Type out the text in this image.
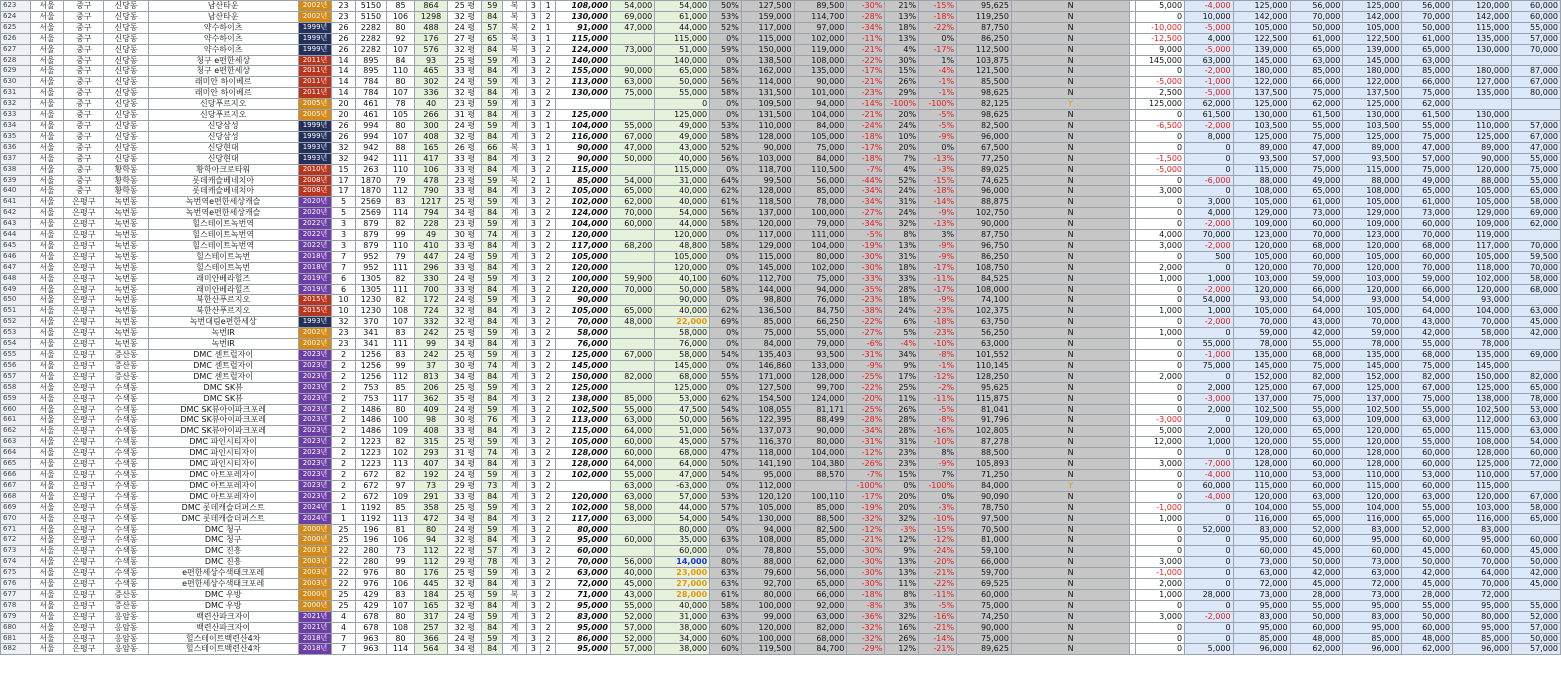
623	서울	중구	신당동	남산타운	2002년	23	5150	85	864	25 평	59	복	3	1	108,000	54,000	54,000	50%	127,500	89,500	-30%	21%	-15%	95,625	N		5,000	-4,000	125,000	56,000	125,000	56,000	120,000	60,000
624	서울	중구	신당동	남산타운	2002년	23	5150	106	1298	32 평	84	복	3	2	130,000	69,000	61,000	53%	159,000	114,700	-28%	13%	-18%	119,250	N		0	10,000	142,000	70,000	142,000	70,000	142,000	60,000
625	서울	중구	신당동	약수하이츠	1999년	26	2282	80	488	24 평	57	복	2	1	91,000	47,000	44,000	52%	117,000	97,000	-34%	18%	-22%	87,750	N		-10,000	-5,000	105,000	50,000	105,000	50,000	115,000	55,000
626	서울	중구	신당동	약수하이츠	1999년	26	2282	92	176	27 평	65	복	3	1	115,000		115,000	0%	115,000	102,000	-11%	13%	0%	86,250	N		-12,500	4,000	122,500	61,000	122,500	61,000	135,000	57,000
627	서울	중구	신당동	약수하이츠	1999년	26	2282	107	576	32 평	84	복	3	2	124,000	73,000	51,000	59%	150,000	119,000	-21%	4%	-17%	112,500	N		9,000	-5,000	139,000	65,000	139,000	65,000	130,000	70,000
628	서울	중구	신당동	청구 e편한세상	2011년	14	895	84	93	25 평	59	계	3	2	140,000		140,000	0%	138,500	108,000	-22%	30%	1%	103,875	N		145,000	63,000	145,000	63,000	145,000	63,000		
629	서울	중구	신당동	청구 e편한세상	2011년	14	895	110	465	33 평	84	계	3	2	155,000	90,000	65,000	58%	162,000	135,000	-17%	15%	-4%	121,500	N		0	-2,000	180,000	85,000	180,000	85,000	180,000	87,000
630	서울	중구	신당동	래미안 하이베르	2011년	14	784	80	302	24 평	59	계	3	2	113,000	63,000	50,000	56%	114,000	90,000	-21%	26%	-1%	85,500	N		-5,000	-1,000	122,000	66,000	122,000	66,000	127,000	67,000
631	서울	중구	신당동	래미안 하이베르	2011년	14	784	107	336	32 평	84	계	3	2	130,000	75,000	55,000	58%	131,500	101,000	-23%	29%	-1%	98,625	N		2,500	-5,000	137,500	75,000	137,500	75,000	135,000	80,000
632	서울	중구	신당동	신당푸르지오	2005년	20	461	78	40	23 평	59	계	3	2			0	0%	109,500	94,000	-14%	-100%	-100%	82,125	Y		125,000	62,000	125,000	62,000	125,000	62,000		
633	서울	중구	신당동	신당푸르지오	2005년	20	461	105	266	31 평	84	계	3	2	125,000		125,000	0%	131,500	104,000	-21%	20%	-5%	98,625	N		0	61,500	130,000	61,500	130,000	61,500	130,000	
634	서울	중구	신당동	신당삼성	1999년	26	994	80	300	24 평	59	계	3	1	104,000	55,000	49,000	53%	110,000	84,000	-24%	24%	-5%	82,500	N		-6,500	-2,000	103,500	55,000	103,500	55,000	110,000	57,000
635	서울	중구	신당동	신당삼성	1999년	26	994	107	408	32 평	84	계	3	2	116,000	67,000	49,000	58%	128,000	105,000	-18%	10%	-9%	96,000	N		0	8,000	125,000	75,000	125,000	75,000	125,000	67,000
636	서울	중구	신당동	신당현대	1993년	32	942	88	165	26 평	66	복	3	1	90,000	47,000	43,000	52%	90,000	75,000	-17%	20%	0%	67,500	N		0	0	89,000	47,000	89,000	47,000	89,000	47,000
637	서울	중구	신당동	신당현대	1993년	32	942	111	417	33 평	84	계	3	2	90,000	50,000	40,000	56%	103,000	84,000	-18%	7%	-13%	77,250	N		-1,500	0	93,500	57,000	93,500	57,000	90,000	55,000
638	서울	중구	황학동	황학아크로타워	2010년	15	263	110	106	33 평	84	계	3	2	115,000		115,000	0%	118,700	110,500	-7%	4%	-3%	89,025	N		-5,000	0	115,000	75,000	115,000	75,000	120,000	75,000
639	서울	중구	황학동	롯데캐슬베네치아	2008년	17	1870	79	478	23 평	59	복	2	1	85,000	54,000	31,000	64%	99,500	56,000	-44%	52%	-15%	74,625	N		0	-6,000	88,000	49,000	88,000	49,000	88,000	55,000
640	서울	중구	황학동	롯데캐슬베네치아	2008년	17	1870	112	790	33 평	84	계	3	2	105,000	65,000	40,000	62%	128,000	85,000	-34%	24%	-18%	96,000	N		3,000	0	108,000	65,000	108,000	65,000	105,000	65,000
641	서울	은평구	녹번동	녹번역e편한세상캐슬	2020년	5	2569	83	1217	25 평	59	계	3	2	102,000	62,000	40,000	61%	118,500	78,000	-34%	31%	-14%	88,875	N		0	3,000	105,000	61,000	105,000	61,000	105,000	58,000
642	서울	은평구	녹번동	녹번역e편한세상캐슬	2020년	5	2569	114	794	34 평	84	계	3	2	124,000	70,000	54,000	56%	137,000	100,000	-27%	24%	-9%	102,750	N		0	4,000	129,000	73,000	129,000	73,000	129,000	69,000
643	서울	은평구	녹번동	힐스테이트녹번역	2022년	3	879	82	228	23 평	59	계	3	2	104,000	60,000	44,000	58%	120,000	79,000	-34%	32%	-13%	90,000	N		0	-2,000	109,000	60,000	109,000	60,000	109,000	62,000
644	서울	은평구	녹번동	힐스테이트녹번역	2022년	3	879	99	49	30 평	74	계	3	2	120,000		120,000	0%	117,000	111,000	-5%	8%	3%	87,750	N		4,000	70,000	123,000	70,000	123,000	70,000	119,000	
645	서울	은평구	녹번동	힐스테이트녹번역	2022년	3	879	110	410	33 평	84	계	3	2	117,000	68,200	48,800	58%	129,000	104,000	-19%	13%	-9%	96,750	N		3,000	-2,000	120,000	68,000	120,000	68,000	117,000	70,000
646	서울	은평구	녹번동	힐스테이트녹번	2018년	7	952	79	447	24 평	59	계	3	2	105,000		105,000	0%	115,000	80,000	-30%	31%	-9%	86,250	N		0	500	105,000	60,000	105,000	60,000	105,000	59,500
647	서울	은평구	녹번동	힐스테이트녹번	2018년	7	952	111	296	33 평	84	계	3	2	120,000		120,000	0%	145,000	102,000	-30%	18%	-17%	108,750	N		2,000	0	120,000	70,000	120,000	70,000	118,000	70,000
648	서울	은평구	녹번동	래미안베라힐즈	2019년	6	1305	82	330	24 평	59	계	3	2	100,000	59,900	40,100	60%	112,700	75,000	-33%	33%	-11%	84,525	N		1,000	1,000	103,000	59,000	103,000	59,000	102,000	58,000
649	서울	은평구	녹번동	래미안베라힐즈	2019년	6	1305	111	700	33 평	84	계	3	2	120,000	70,000	50,000	58%	144,000	94,000	-35%	28%	-17%	108,000	N		0	-2,000	120,000	66,000	120,000	66,000	120,000	68,000
650	서울	은평구	녹번동	북한산푸르지오	2015년	10	1230	82	172	24 평	59	계	3	2	90,000		90,000	0%	98,800	76,000	-23%	18%	-9%	74,100	N		0	54,000	93,000	54,000	93,000	54,000	93,000	
651	서울	은평구	녹번동	북한산푸르지오	2015년	10	1230	108	724	32 평	84	계	3	2	105,000	65,000	40,000	62%	136,500	84,750	-38%	24%	-23%	102,375	N		1,000	1,000	105,000	64,000	105,000	64,000	104,000	63,000
652	서울	은평구	녹번동	녹번대림e편한세상	1993년	32	370	107	332	32 평	84	계	3	2	70,000	48,000	22,000	69%	85,000	66,250	-22%	6%	-18%	63,750	N		0	-2,000	70,000	43,000	70,000	43,000	70,000	45,000
653	서울	은평구	녹번동	녹번IR	2002년	23	341	83	242	25 평	59	계	3	2	58,000		58,000	0%	75,000	55,000	-27%	5%	-23%	56,250	N		1,000	0	59,000	42,000	59,000	42,000	58,000	42,000
654	서울	은평구	녹번동	녹번IR	2002년	23	341	111	99	34 평	84	계	3	2	76,000		76,000	0%	84,000	79,000	-6%	-4%	-10%	63,000	N		0	55,000	78,000	55,000	78,000	55,000	78,000	
655	서울	은평구	증산동	DMC 센트럴자이	2023년	2	1256	83	242	25 평	59	계	3	2	125,000	67,000	58,000	54%	135,403	93,500	-31%	34%	-8%	101,552	N		0	-1,000	135,000	68,000	135,000	68,000	135,000	69,000
656	서울	은평구	증산동	DMC 센트럴자이	2023년	2	1256	99	37	30 평	74	계	3	2	145,000		145,000	0%	146,860	133,000	-9%	9%	-1%	110,145	N		0	75,000	145,000	75,000	145,000	75,000	145,000	
657	서울	은평구	증산동	DMC 센트럴자이	2023년	2	1256	112	813	34 평	84	계	3	2	150,000	82,000	68,000	55%	171,000	128,000	-25%	17%	-12%	128,250	N		2,000	0	152,000	82,000	152,000	82,000	150,000	82,000
658	서울	은평구	수색동	DMC SK뷰	2023년	2	753	85	206	25 평	59	계	3	2	125,000		125,000	0%	127,500	99,700	-22%	25%	-2%	95,625	N		0	2,000	125,000	67,000	125,000	67,000	125,000	65,000
659	서울	은평구	수색동	DMC SK뷰	2023년	2	753	117	362	35 평	84	계	3	2	138,000	85,000	53,000	62%	154,500	124,000	-20%	11%	-11%	115,875	N		0	-3,000	137,000	75,000	137,000	75,000	138,000	78,000
660	서울	은평구	수색동	DMC SK뷰아이파크포레	2023년	2	1486	80	409	24 평	59	계	3	2	102,500	55,000	47,500	54%	108,055	81,171	-25%	26%	-5%	81,041	N		0	2,000	102,500	55,000	102,500	55,000	102,500	53,000
661	서울	은평구	수색동	DMC SK뷰아이파크포레	2023년	2	1486	100	98	30 평	76	계	3	2	113,000	63,000	50,000	56%	122,395	88,499	-28%	28%	-8%	91,796	N		-3,000	0	109,000	63,000	109,000	63,000	112,000	63,000
662	서울	은평구	수색동	DMC SK뷰아이파크포레	2023년	2	1486	109	408	33 평	84	계	3	2	115,000	64,000	51,000	56%	137,073	90,000	-34%	28%	-16%	102,805	N		5,000	2,000	120,000	65,000	120,000	65,000	115,000	63,000
663	서울	은평구	수색동	DMC 파인시티자이	2023년	2	1223	82	315	25 평	59	계	3	2	105,000	60,000	45,000	57%	116,370	80,000	-31%	31%	-10%	87,278	N		12,000	1,000	120,000	55,000	120,000	55,000	108,000	54,000
664	서울	은평구	수색동	DMC 파인시티자이	2023년	2	1223	102	293	31 평	74	계	3	2	128,000	60,000	68,000	47%	118,000	104,000	-12%	23%	8%	88,500	N		0	0	128,000	60,000	128,000	60,000	128,000	60,000
665	서울	은평구	수색동	DMC 파인시티자이	2023년	2	1223	113	407	34 평	84	계	3	2	128,000	64,000	64,000	50%	141,190	104,380	-26%	23%	-9%	105,893	N		3,000	-7,000	128,000	60,000	128,000	60,000	125,000	72,000
666	서울	은평구	수색동	DMC 아트포레자이	2023년	2	672	82	192	24 평	59	계	3	2	102,000	55,000	47,000	54%	95,000	88,570	-7%	15%	7%	71,250	N		0	-4,000	110,000	53,000	110,000	53,000	110,000	57,000
667	서울	은평구	수색동	DMC 아트포레자이	2023년	2	672	97	73	29 평	73	계	3	2		63,000	-63,000	0%	112,000		-100%	0%	-100%	84,000	Y		0	60,000	115,000	60,000	115,000	60,000	115,000	
668	서울	은평구	수색동	DMC 아트포레자이	2023년	2	672	109	291	33 평	84	계	3	2	120,000	63,000	57,000	53%	120,120	100,110	-17%	20%	0%	90,090	N		0	-4,000	120,000	63,000	120,000	63,000	120,000	67,000
669	서울	은평구	수색동	DMC 롯데캐슬더퍼스트	2024년	1	1192	85	358	25 평	59	계	3	2	102,000	58,000	44,000	57%	105,000	85,000	-19%	20%	-3%	78,750	N		-1,000	0	104,000	55,000	104,000	55,000	103,000	58,000
670	서울	은평구	수색동	DMC 롯데캐슬더퍼스트	2024년	1	1192	113	472	34 평	84	계	3	2	117,000	63,000	54,000	54%	130,000	88,500	-32%	32%	-10%	97,500	N		1,000	0	116,000	65,000	116,000	65,000	116,000	65,000
671	서울	은평구	수색동	DMC 청구	2000년	25	196	81	80	24 평	59	계	3	2	80,000		80,000	0%	94,000	82,500	-12%	-3%	-15%	70,500	N		0	52,000	83,000	52,000	83,000	52,000	83,000	
672	서울	은평구	수색동	DMC 청구	2000년	25	196	106	94	32 평	84	계	3	2	95,000	60,000	35,000	63%	108,000	85,000	-21%	12%	-12%	81,000	N		0	0	95,000	60,000	95,000	60,000	95,000	60,000
673	서울	은평구	수색동	DMC 진흥	2003년	22	280	73	112	22 평	57	계	3	2	60,000		60,000	0%	78,800	55,000	-30%	9%	-24%	59,100	N		0	0	60,000	45,000	60,000	45,000	60,000	45,000
674	서울	은평구	수색동	DMC 진흥	2003년	22	280	99	112	29 평	78	계	3	2	70,000	56,000	14,000	80%	88,000	62,000	-30%	13%	-20%	66,000	N		3,000	0	73,000	50,000	73,000	50,000	70,000	50,000
675	서울	은평구	수색동	e편한세상수색태크포레	2003년	22	976	80	176	25 평	59	계	3	2	63,000	40,000	23,000	63%	79,600	56,000	-30%	13%	-21%	59,700	N		-1,000	0	63,000	42,000	63,000	42,000	64,000	42,000
676	서울	은평구	수색동	e편한세상수색태크포레	2003년	22	976	106	445	32 평	84	계	3	2	72,000	45,000	27,000	63%	92,700	65,000	-30%	11%	-22%	69,525	N		2,000	0	72,000	45,000	72,000	45,000	70,000	45,000
677	서울	은평구	증산동	DMC 우방	2000년	25	429	83	184	25 평	59	복	3	2	71,000	43,000	28,000	61%	80,000	66,000	-18%	8%	-11%	60,000	N		1,000	28,000	73,000	28,000	73,000	28,000	72,000	
678	서울	은평구	증산동	DMC 우방	2000년	25	429	107	165	32 평	84	계	3	2	95,000	55,000	40,000	58%	100,000	92,000	-8%	3%	-5%	75,000	N		0	0	95,000	55,000	95,000	55,000	95,000	55,000
679	서울	은평구	응암동	백련산파크자이	2021년	4	678	80	317	24 평	59	계	3	2	83,000	52,000	31,000	63%	99,000	63,000	-36%	32%	-16%	74,250	N		3,000	-2,000	83,000	50,000	83,000	50,000	80,000	52,000
680	서울	은평구	응암동	백련산파크자이	2021년	4	678	108	257	32 평	84	계	3	2	95,000	57,000	38,000	60%	120,000	82,000	-32%	16%	-21%	90,000	N		0	0	95,000	60,000	95,000	60,000	95,000	57,000
681	서울	은평구	응암동	힐스테이트백련산4차	2018년	7	963	80	366	24 평	59	계	3	2	86,000	52,000	34,000	60%	100,000	68,000	-32%	26%	-14%	75,000	N		0	0	85,000	48,000	85,000	48,000	85,000	50,000
682	서울	은평구	응암동	힐스테이트백련산4차	2018년	7	963	114	564	34 평	84	계	3	2	95,000	57,000	38,000	60%	119,500	84,700	-29%	12%	-21%	89,625	N		0	5,000	96,000	62,000	96,000	62,000	96,000	57,000
